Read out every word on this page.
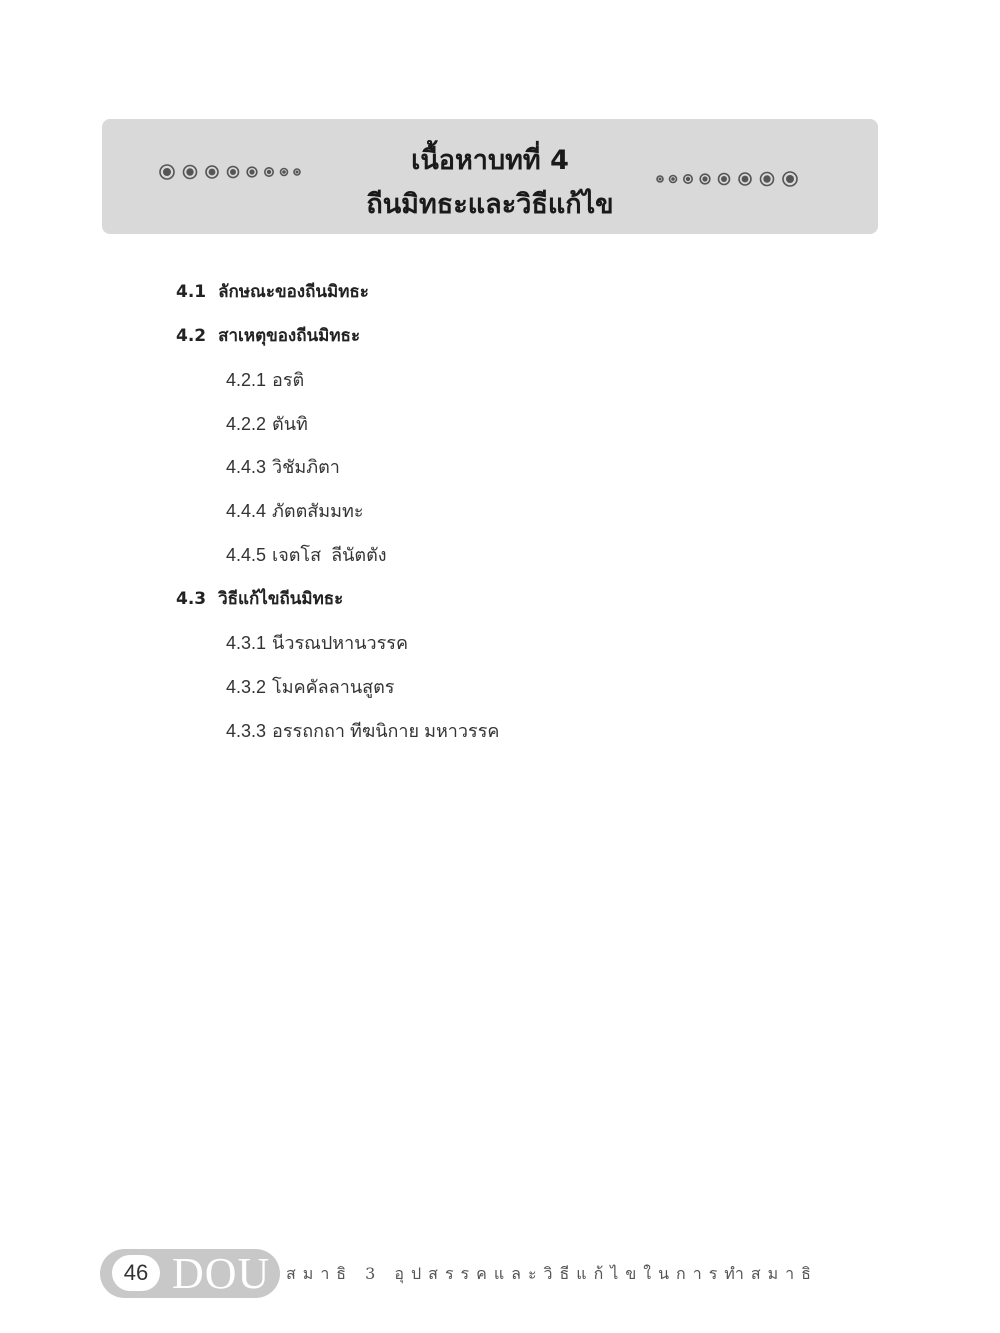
เนื้อหาบทที่ 4
ถีนมิทธะและวิธีแก้ไข
4.1 ลักษณะของถีนมิทธะ
4.2 สาเหตุของถีนมิทธะ
4.2.1 อรติ
4.2.2 ตันทิ
4.4.3 วิชัมภิตา
4.4.4 ภัตตสัมมทะ
4.4.5 เจตโส  ลีนัตตัง
4.3 วิธีแก้ไขถีนมิทธะ
4.3.1 นีวรณปหานวรรค
4.3.2 โมคคัลลานสูตร
4.3.3 อรรถกถา ทีฆนิกาย มหาวรรค
46 DOU สมาธิ 3 อุปสรรคและวิธีแก้ไขในการทำสมาธิ
